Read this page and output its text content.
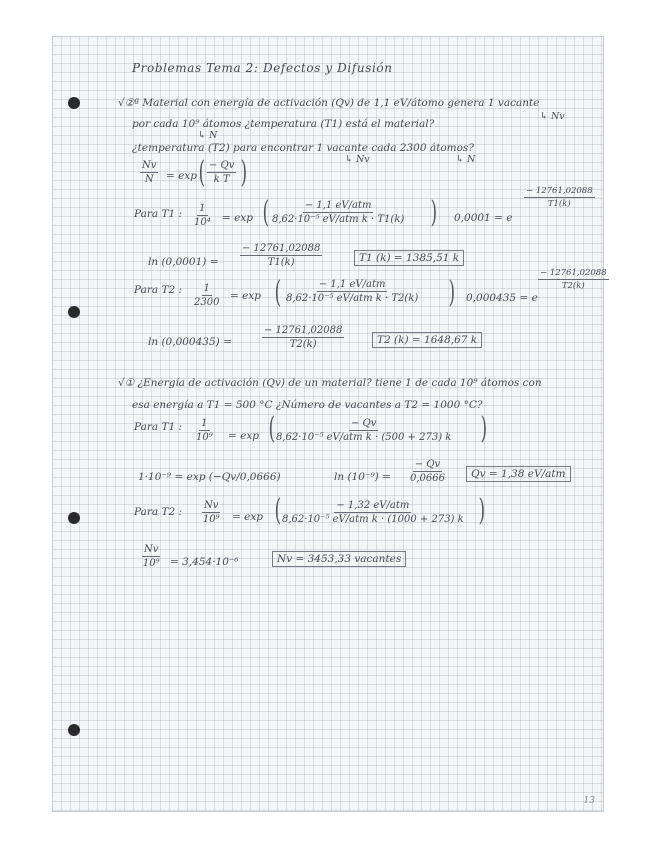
Problemas Tema 2: Defectos y Difusión
√②ª Material con energía de activación (Qv) de 1,1 eV/átomo genera 1 vacante
↳ Nv
por cada 10⁹ átomos ¿temperatura (T1) está el material?
↳ N
¿temperatura (T2) para encontrar 1 vacante cada 2300 átomos?
↳ Nv	↳ N
$\frac{Nv}{N} = \exp$ ( $\frac{- Qv}{\text{k T}}$ )
Para T1 : $\frac{1}{\text{10⁴}} = \exp$ (	− 1,1 eV/atm
8,62·10⁻⁵ eV/atm k · T1(k) ) 0,0001 = e
$\frac{- 12761,02088}{T1(k)}$
$\ln (0,0001) = \frac{- 12761,02088}{T1(k)}$	T1 (k) = 1385,51 k
Para T2 : $\frac{1}{2300} = \exp$ (	− 1,1 eV/atm
8,62·10⁻⁵ eV/atm k · T2(k) ) 0,000435 = e
$\frac{- 12761,02088}{T2(k)}$
ln (0,000435) =	$\frac{- 12761,02088}{T2(k)}$	T2 (k) = 1648,67 k
√① ¿Energía de activación (Qv) de un material? tiene 1 de cada 10⁹ átomos con
esa energía a T1 = 500 °C ¿Número de vacantes a T2 = 1000 °C?
Para T1 : $\frac{1}{\text{10⁹}} = \exp$ (	− Qv
8,62·10⁻⁵ eV/atm k · (500 + 273) k )
1·10⁻⁹ = exp (−Qv/0,0666)	$\ln (10^{-9}) = \frac{- Qv}{0,0666}$	Qv = 1,38 eV/atm
Para T2 : $\frac{Nv}{\text{10⁹}} = \exp$ (	− 1,32 eV/atm
8,62·10⁻⁵ eV/atm k · (1000 + 273) k )
$\frac{Nv}{\text{10⁹}} = 3,454\cdot 10^{-6}$	Nv = 3453,33 vacantes
13
